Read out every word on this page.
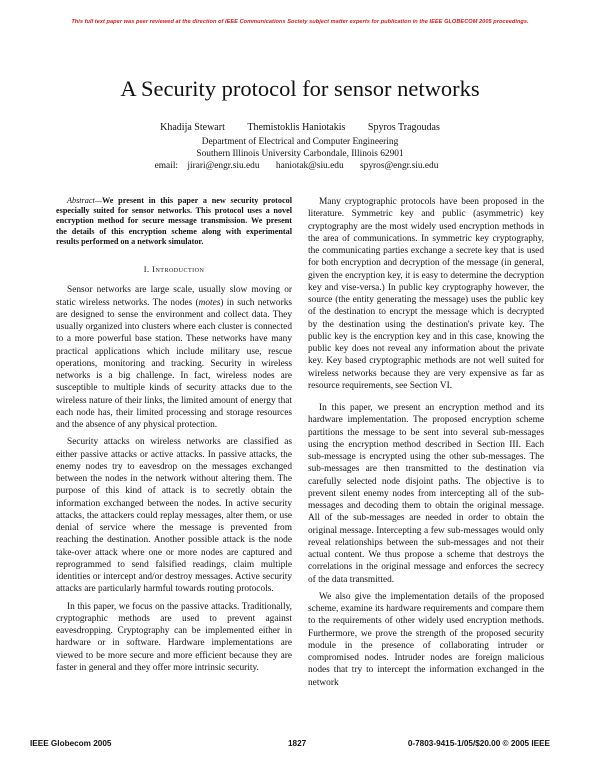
This full text paper was peer reviewed at the direction of IEEE Communications Society subject matter experts for publication in the IEEE GLOBECOM 2005 proceedings.
A Security protocol for sensor networks
Khadija Stewart Themistoklis Haniotakis Spyros Tragoudas
Department of Electrical and Computer Engineering
Southern Illinois University Carbondale, Illinois 62901
email: jirari@engr.siu.edu haniotak@siu.edu spyros@engr.siu.edu

Abstract—We present in this paper a new security protocol especially suited for sensor networks. This protocol uses a novel encryption method for secure message transmission. We present the details of this encryption scheme along with experimental results performed on a network simulator.

I. Introduction

Sensor networks are large scale, usually slow moving or static wireless networks. The nodes (motes) in such networks are designed to sense the environment and collect data. They usually organized into clusters where each cluster is connected to a more powerful base station. These networks have many practical applications which include military use, rescue operations, monitoring and tracking. Security in wireless networks is a big challenge. In fact, wireless nodes are susceptible to multiple kinds of security attacks due to the wireless nature of their links, the limited amount of energy that each node has, their limited processing and storage resources and the absence of any physical protection.

Security attacks on wireless networks are classified as either passive attacks or active attacks. In passive attacks, the enemy nodes try to eavesdrop on the messages exchanged between the nodes in the network without altering them. The purpose of this kind of attack is to secretly obtain the information exchanged between the nodes. In active security attacks, the attackers could replay messages, alter them, or use denial of service where the message is prevented from reaching the destination. Another possible attack is the node take-over attack where one or more nodes are captured and reprogrammed to send falsified readings, claim multiple identities or intercept and/or destroy messages. Active security attacks are particularly harmful towards routing protocols.

In this paper, we focus on the passive attacks. Traditionally, cryptographic methods are used to prevent against eavesdropping. Cryptography can be implemented either in hardware or in software. Hardware implementations are viewed to be more secure and more efficient because they are faster in general and they offer more intrinsic security.

Many cryptographic protocols have been proposed in the literature. Symmetric key and public (asymmetric) key cryptography are the most widely used encryption methods in the area of communications. In symmetric key cryptography, the communicating parties exchange a secrete key that is used for both encryption and decryption of the message (in general, given the encryption key, it is easy to determine the decryption key and vise-versa.) In public key cryptography however, the source (the entity generating the message) uses the public key of the destination to encrypt the message which is decrypted by the destination using the destination's private key. The public key is the encryption key and in this case, knowing the public key does not reveal any information about the private key. Key based cryptographic methods are not well suited for wireless networks because they are very expensive as far as resource requirements, see Section VI.

In this paper, we present an encryption method and its hardware implementation. The proposed encryption scheme partitions the message to be sent into several sub-messages using the encryption method described in Section III. Each sub-message is encrypted using the other sub-messages. The sub-messages are then transmitted to the destination via carefully selected node disjoint paths. The objective is to prevent silent enemy nodes from intercepting all of the sub-messages and decoding them to obtain the original message. All of the sub-messages are needed in order to obtain the original message. Intercepting a few sub-messages would only reveal relationships between the sub-messages and not their actual content. We thus propose a scheme that destroys the correlations in the original message and enforces the secrecy of the data transmitted.

We also give the implementation details of the proposed scheme, examine its hardware requirements and compare them to the requirements of other widely used encryption methods. Furthermore, we prove the strength of the proposed security module in the presence of collaborating intruder or compromised nodes. Intruder nodes are foreign malicious nodes that try to intercept the information exchanged in the network

IEEE Globecom 2005	1827	0-7803-9415-1/05/$20.00 © 2005 IEEE
